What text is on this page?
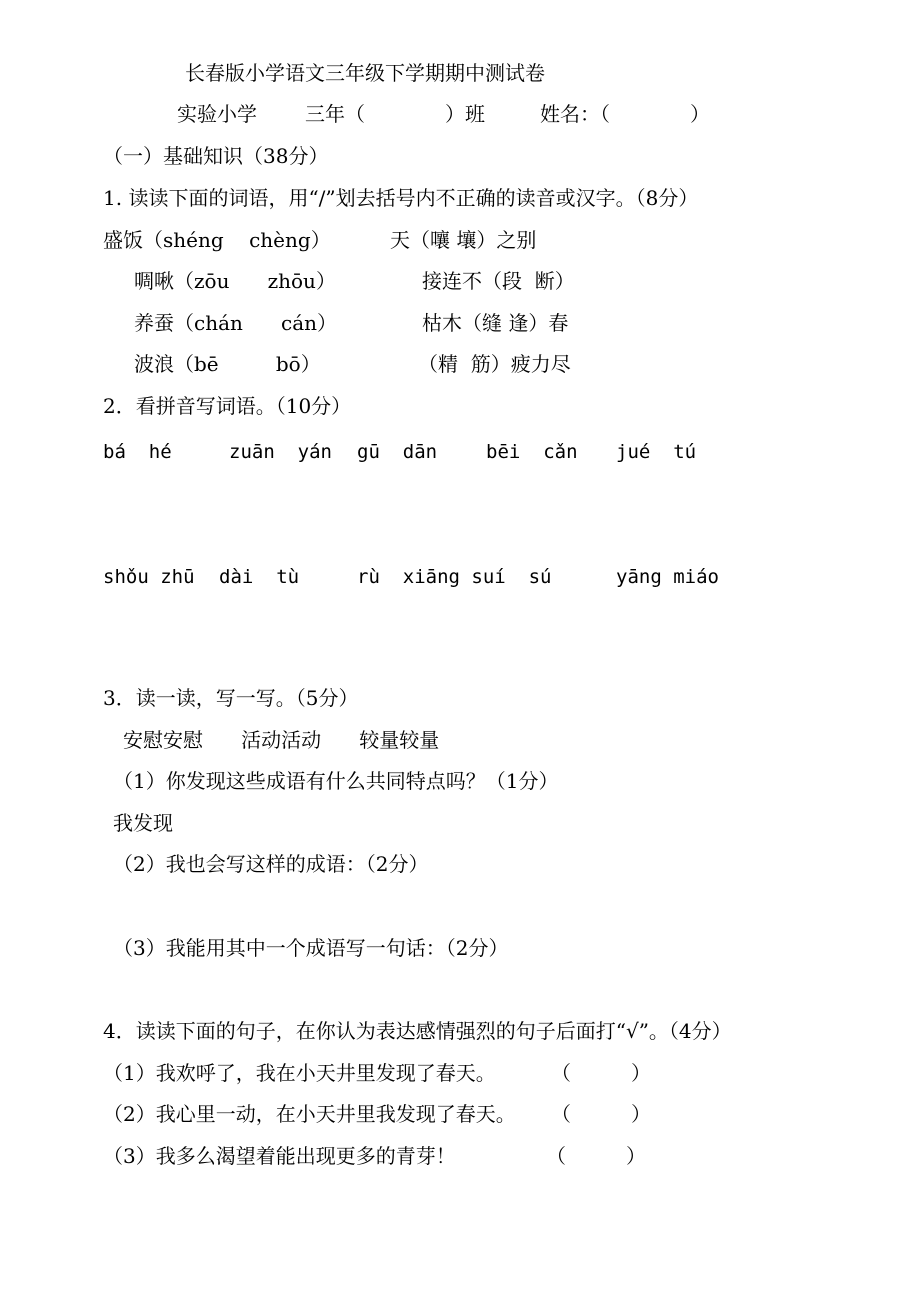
长春版小学语文三年级下学期期中测试卷
实验小学 三年（　　　　）班	姓名：（　　　　）
（一）基础知识（38分）
1. 读读下面的词语，用“/”划去括号内不正确的读音或汉字。（8分）
盛饭（shéng    chèng）	天（嚷 壤）之别
啁啾（zōu      zhōu）	接连不（段  断）
养蚕（chán      cán）	枯木（缝 逢）春
波浪（bē         bō）	（精  筋）疲力尽
2．看拼音写词语。（10分）
bá  hé	zuān  yán gū  dān	bēi  cǎn jué  tú
shǒu zhū dài  tù	rù  xiāng suí  sú	yāng miáo
3．读一读，写一写。（5分）
安慰安慰      活动活动      较量较量
（1）你发现这些成语有什么共同特点吗？（1分）
我发现
（2）我也会写这样的成语：（2分）
（3）我能用其中一个成语写一句话：（2分）
4．读读下面的句子，在你认为表达感情强烈的句子后面打“√”。（4分）
（1）我欢呼了，我在小天井里发现了春天。	（　　　）
（2）我心里一动，在小天井里我发现了春天。 （　　　）
（3）我多么渴望着能出现更多的青芽！	（　　　）
